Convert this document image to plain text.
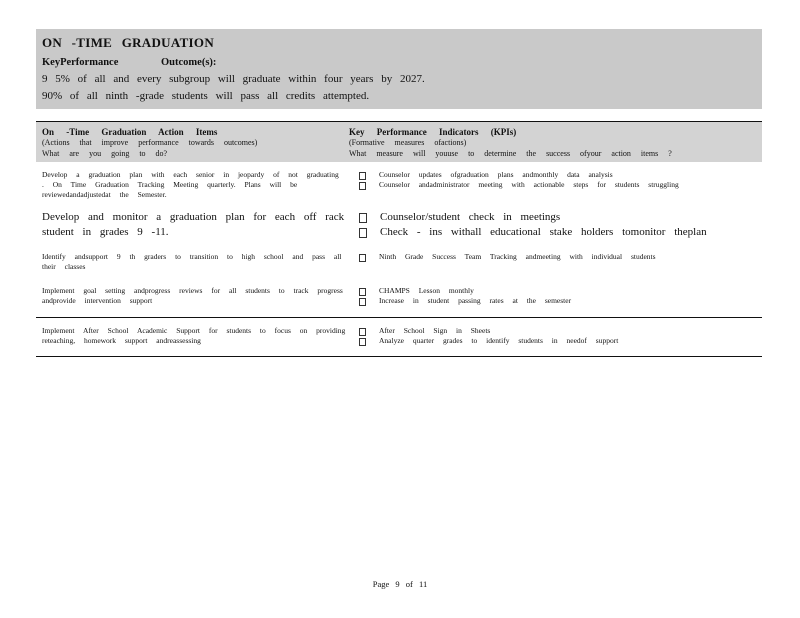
ON -TIME GRADUATION
KeyPerformance Outcome(s):
9 5% of all and every subgroup will graduate within four years by 2027.
90% of all ninth -grade students will pass all credits attempted.
On -Time Graduation Action Items
(Actions that improve performance towards outcomes)
What are you going to do?
Key Performance Indicators (KPIs)
(Formative measures ofactions)
What measure will youuse to determine the success ofyour action items ?
Develop a graduation plan with each senior in jeopardy of not graduating . On Time Graduation Tracking Meeting quarterly. Plans will be reviewedandadjustedat the Semester.
Counselor updates ofgraduation plans andmonthly data analysis
Counselor andadministrator meeting with actionable steps for students struggling
Develop and monitor a graduation plan for each off rack student in grades 9 -11.
Counselor/student check in meetings
Check - ins withall educational stake holders tomonitor theplan
Identify andsupport 9 th graders to transition to high school and pass all their classes
Ninth Grade Success Team Tracking andmeeting with individual students
Implement goal setting andprogress reviews for all students to track progress andprovide intervention support
CHAMPS Lesson monthly
Increase in student passing rates at the semester
Implement After School Academic Support for students to focus on providing reteaching, homework support andreassessing
After School Sign in Sheets
Analyze quarter grades to identify students in needof support
Page 9 of 11
